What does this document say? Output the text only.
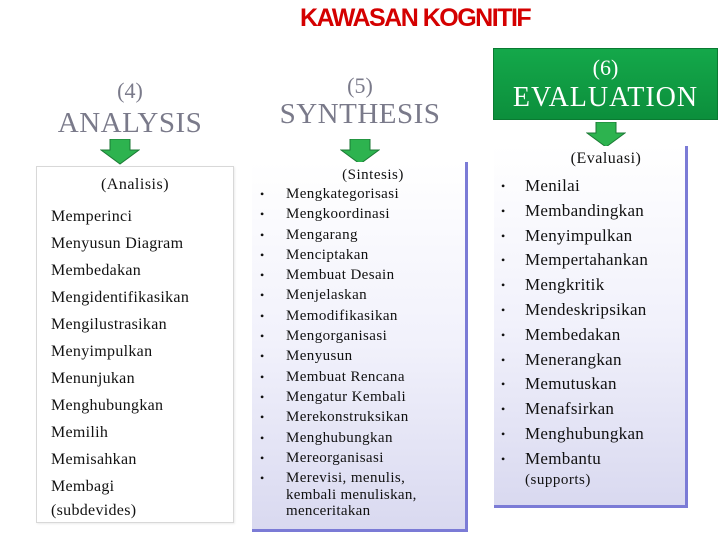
KAWASAN KOGNITIF
(4)
ANALYSIS
(5)
SYNTHESIS
(6)
EVALUATION
(Analisis)
Memperinci
Menyusun Diagram
Membedakan
Mengidentifikasikan
Mengilustrasikan
Menyimpulkan
Menunjukan
Menghubungkan
Memilih
Memisahkan
Membagi
(subdevides)
(Sintesis)
• Mengkategorisasi
• Mengkoordinasi
• Mengarang
• Menciptakan
• Membuat Desain
• Menjelaskan
• Memodifikasikan
• Mengorganisasi
• Menyusun
• Membuat Rencana
• Mengatur Kembali
• Merekonstruksikan
• Menghubungkan
• Mereorganisasi
• Merevisi, menulis,
kembali menuliskan,
menceritakan
(Evaluasi)
• Menilai
• Membandingkan
• Menyimpulkan
• Mempertahankan
• Mengkritik
• Mendeskripsikan
• Membedakan
• Menerangkan
• Memutuskan
• Menafsirkan
• Menghubungkan
• Membantu
(supports)
